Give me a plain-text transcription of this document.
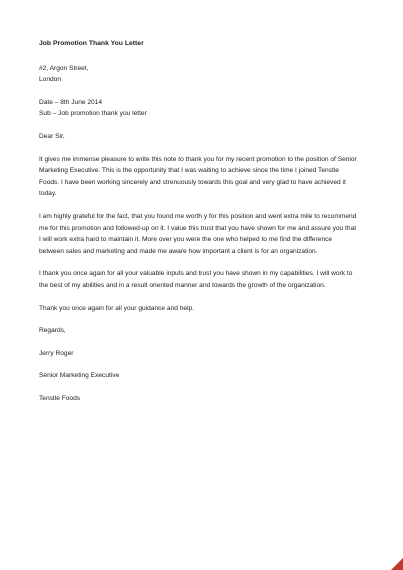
Job Promotion Thank You Letter
#2, Argon Street,
London
Date – 8th June 2014
Sub – Job promotion thank you letter

Dear Sir,

It gives me immense pleasure to write this note to thank you for my recent promotion to the position of Senior
Marketing Executive. This is the opportunity that I was waiting to achieve since the time I joined Tenstle
Foods. I have been working sincerely and strenuously towards this goal and very glad to have achieved it
today.

I am highly grateful for the fact, that you found me worth y for this position and went extra mile to recommend
me for this promotion and followed-up on it. I value this trust that you have shown for me and assure you that
I will work extra hard to maintain it. More over you were the one who helped to me find the difference
between sales and marketing and made me aware how important a client is for an organization.

I thank you once again for all your valuable inputs and trust you have shown in my capabilities. I will work to
the best of my abilities and in a result oriented manner and towards the growth of the organization.

Thank you once again for all your guidance and help.

Regards,

Jerry Roger

Senior Marketing Executive

Tenstle Foods
